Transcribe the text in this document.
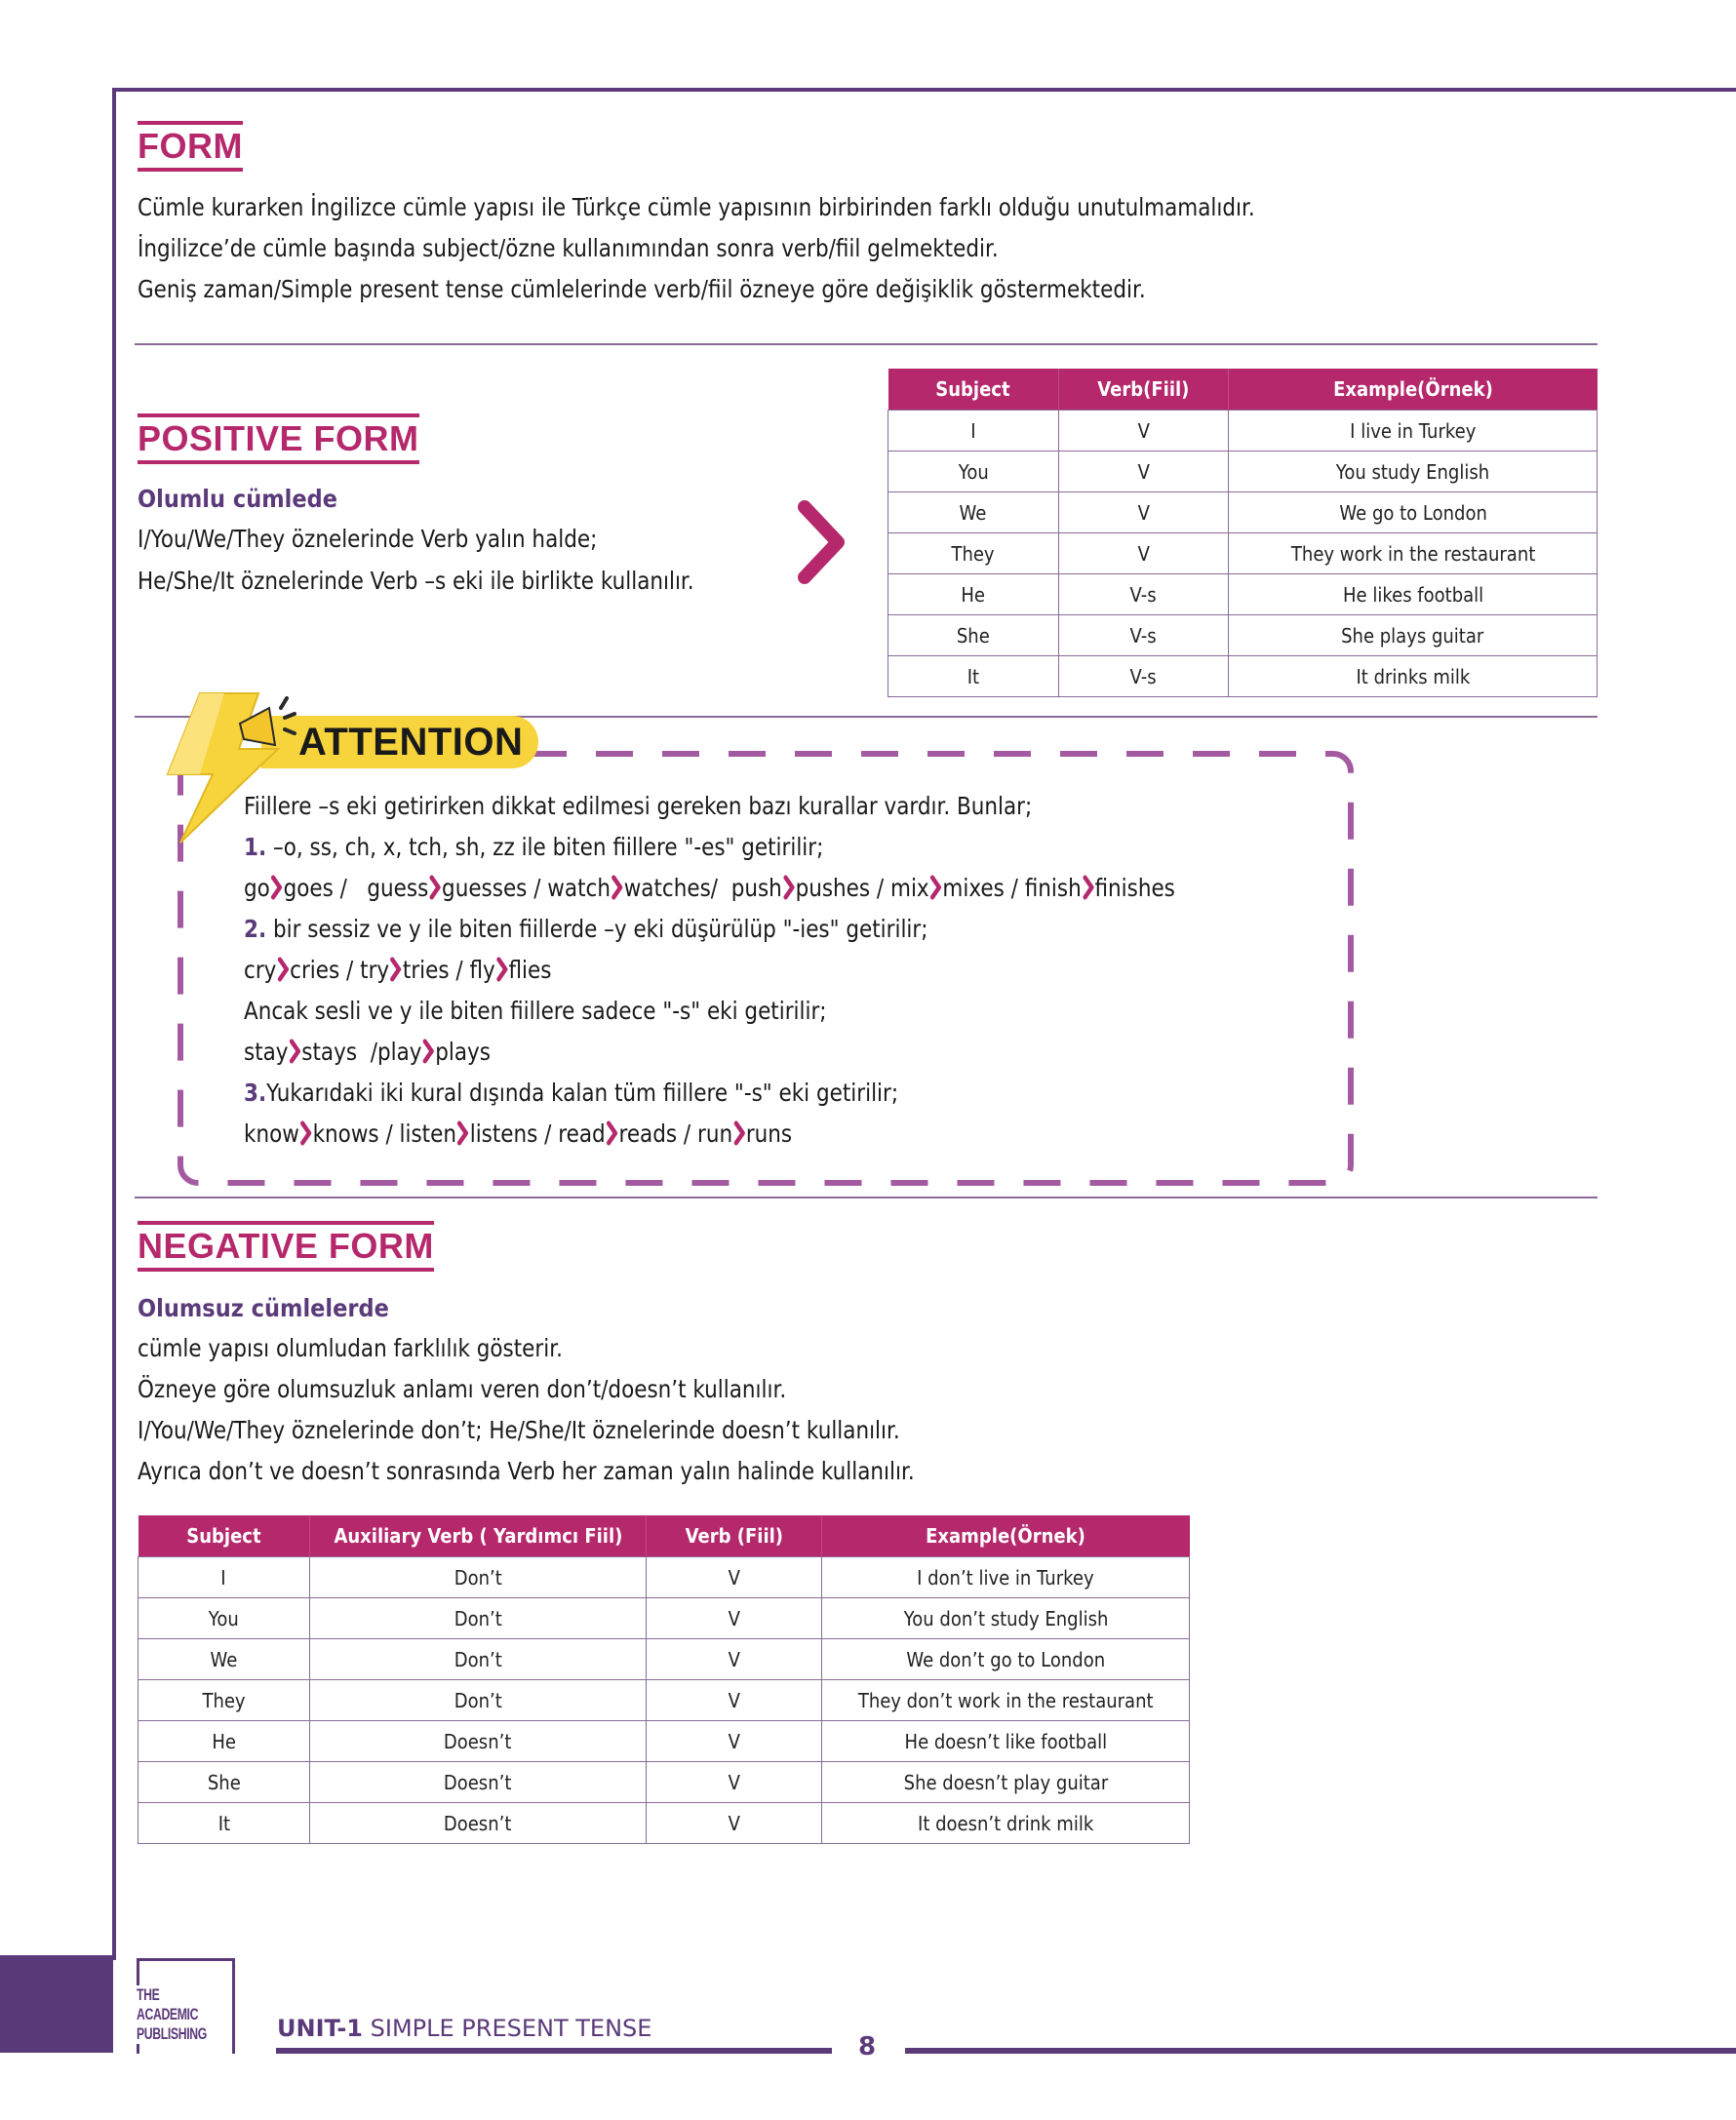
FORM
Cümle kurarken İngilizce cümle yapısı ile Türkçe cümle yapısının birbirinden farklı olduğu unutulmamalıdır.
İngilizce’de cümle başında subject/özne kullanımından sonra verb/fiil gelmektedir.
Geniş zaman/Simple present tense cümlelerinde verb/fiil özneye göre değişiklik göstermektedir.
POSITIVE FORM
Olumlu cümlede
I/You/We/They öznelerinde Verb yalın halde;
He/She/It öznelerinde Verb –s eki ile birlikte kullanılır.
Subject	Verb(Fiil)	Example(Örnek)
I	V	I live in Turkey
You	V	You study English
We	V	We go to London
They	V	They work in the restaurant
He	V-s	He likes football
She	V-s	She plays guitar
It	V-s	It drinks milk
ATTENTION
Fiillere –s eki getirirken dikkat edilmesi gereken bazı kurallar vardır. Bunlar;
1. –o, ss, ch, x, tch, sh, zz ile biten fiillere "-es" getirilir;
go goes /   guess guesses / watch watches/  push pushes / mix mixes / finish finishes
2. bir sessiz ve y ile biten fiillerde –y eki düşürülüp "-ies" getirilir;
cry cries / try tries / fly flies
Ancak sesli ve y ile biten fiillere sadece "-s" eki getirilir;
stay stays  /play plays
3.Yukarıdaki iki kural dışında kalan tüm fiillere "-s" eki getirilir;
know knows / listen listens / read reads / run runs
NEGATIVE FORM
Olumsuz cümlelerde
cümle yapısı olumludan farklılık gösterir.
Özneye göre olumsuzluk anlamı veren don’t/doesn’t kullanılır.
I/You/We/They öznelerinde don’t; He/She/It öznelerinde doesn’t kullanılır.
Ayrıca don’t ve doesn’t sonrasında Verb her zaman yalın halinde kullanılır.
Subject	Auxiliary Verb ( Yardımcı Fiil)	Verb (Fiil)	Example(Örnek)
I	Don’t	V	I don’t live in Turkey
You	Don’t	V	You don’t study English
We	Don’t	V	We don’t go to London
They	Don’t	V	They don’t work in the restaurant
He	Doesn’t	V	He doesn’t like football
She	Doesn’t	V	She doesn’t play guitar
It	Doesn’t	V	It doesn’t drink milk
THE
ACADEMIC
PUBLISHING	UNIT-1 SIMPLE PRESENT TENSE
8
